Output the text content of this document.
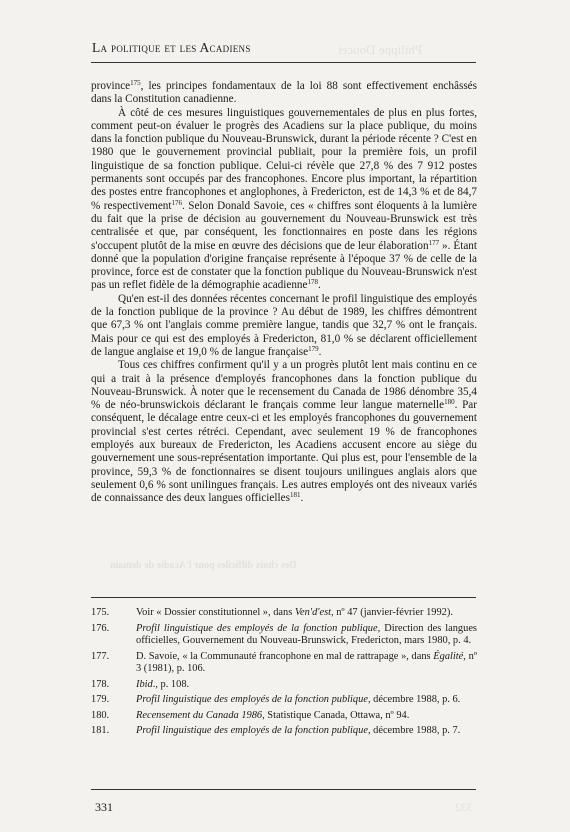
Philippe Doucet
Des choix difficiles pour l'Acadie de demain
332
La politique et les Acadiens

province$^{175}$, les principes fondamentaux de la loi 88 sont effectivement enchâssés dans la Constitution canadienne.

À côté de ces mesures linguistiques gouvernementales de plus en plus fortes, comment peut-on évaluer le progrès des Acadiens sur la place publique, du moins dans la fonction publique du Nouveau-Brunswick, durant la période récente ? C'est en 1980 que le gouvernement provincial publiait, pour la première fois, un profil linguistique de sa fonction publique. Celui-ci révèle que 27,8 % des 7 912 postes permanents sont occupés par des francophones. Encore plus important, la répartition des postes entre francophones et anglophones, à Fredericton, est de 14,3 % et de 84,7 % respectivement$^{176}$. Selon Donald Savoie, ces « chiffres sont éloquents à la lumière du fait que la prise de décision au gouvernement du Nouveau-Brunswick est très centralisée et que, par conséquent, les fonctionnaires en poste dans les régions s'occupent plutôt de la mise en œuvre des décisions que de leur élaboration$^{177}$ ». Étant donné que la population d'origine française représente à l'époque 37 % de celle de la province, force est de constater que la fonction publique du Nouveau-Brunswick n'est pas un reflet fidèle de la démographie acadienne$^{178}$.

Qu'en est-il des données récentes concernant le profil linguistique des employés de la fonction publique de la province ? Au début de 1989, les chiffres démontrent que 67,3 % ont l'anglais comme première langue, tandis que 32,7 % ont le français. Mais pour ce qui est des employés à Fredericton, 81,0 % se déclarent officiellement de langue anglaise et 19,0 % de langue française$^{179}$.

Tous ces chiffres confirment qu'il y a un progrès plutôt lent mais continu en ce qui a trait à la présence d'employés francophones dans la fonction publique du Nouveau-Brunswick. À noter que le recensement du Canada de 1986 dénombre 35,4 % de néo-brunswickois déclarant le français comme leur langue maternelle$^{180}$. Par conséquent, le décalage entre ceux-ci et les employés francophones du gouvernement provincial s'est certes rétréci. Cependant, avec seulement 19 % de francophones employés aux bureaux de Fredericton, les Acadiens accusent encore au siège du gouvernement une sous-représentation importante. Qui plus est, pour l'ensemble de la province, 59,3 % de fonctionnaires se disent toujours unilingues anglais alors que seulement 0,6 % sont unilingues français. Les autres employés ont des niveaux variés de connaissance des deux langues officielles$^{181}$.

175.	Voir « Dossier constitutionnel », dans Ven'd'est, nº 47 (janvier-février 1992).
176.	Profil linguistique des employés de la fonction publique, Direction des langues officielles, Gouvernement du Nouveau-Brunswick, Fredericton, mars 1980, p. 4.
177.	D. Savoie, « la Communauté francophone en mal de rattrapage », dans Égalité, nº 3 (1981), p. 106.
178.	Ibid., p. 108.
179.	Profil linguistique des employés de la fonction publique, décembre 1988, p. 6.
180.	Recensement du Canada 1986, Statistique Canada, Ottawa, nº 94.
181.	Profil linguistique des employés de la fonction publique, décembre 1988, p. 7.
331
